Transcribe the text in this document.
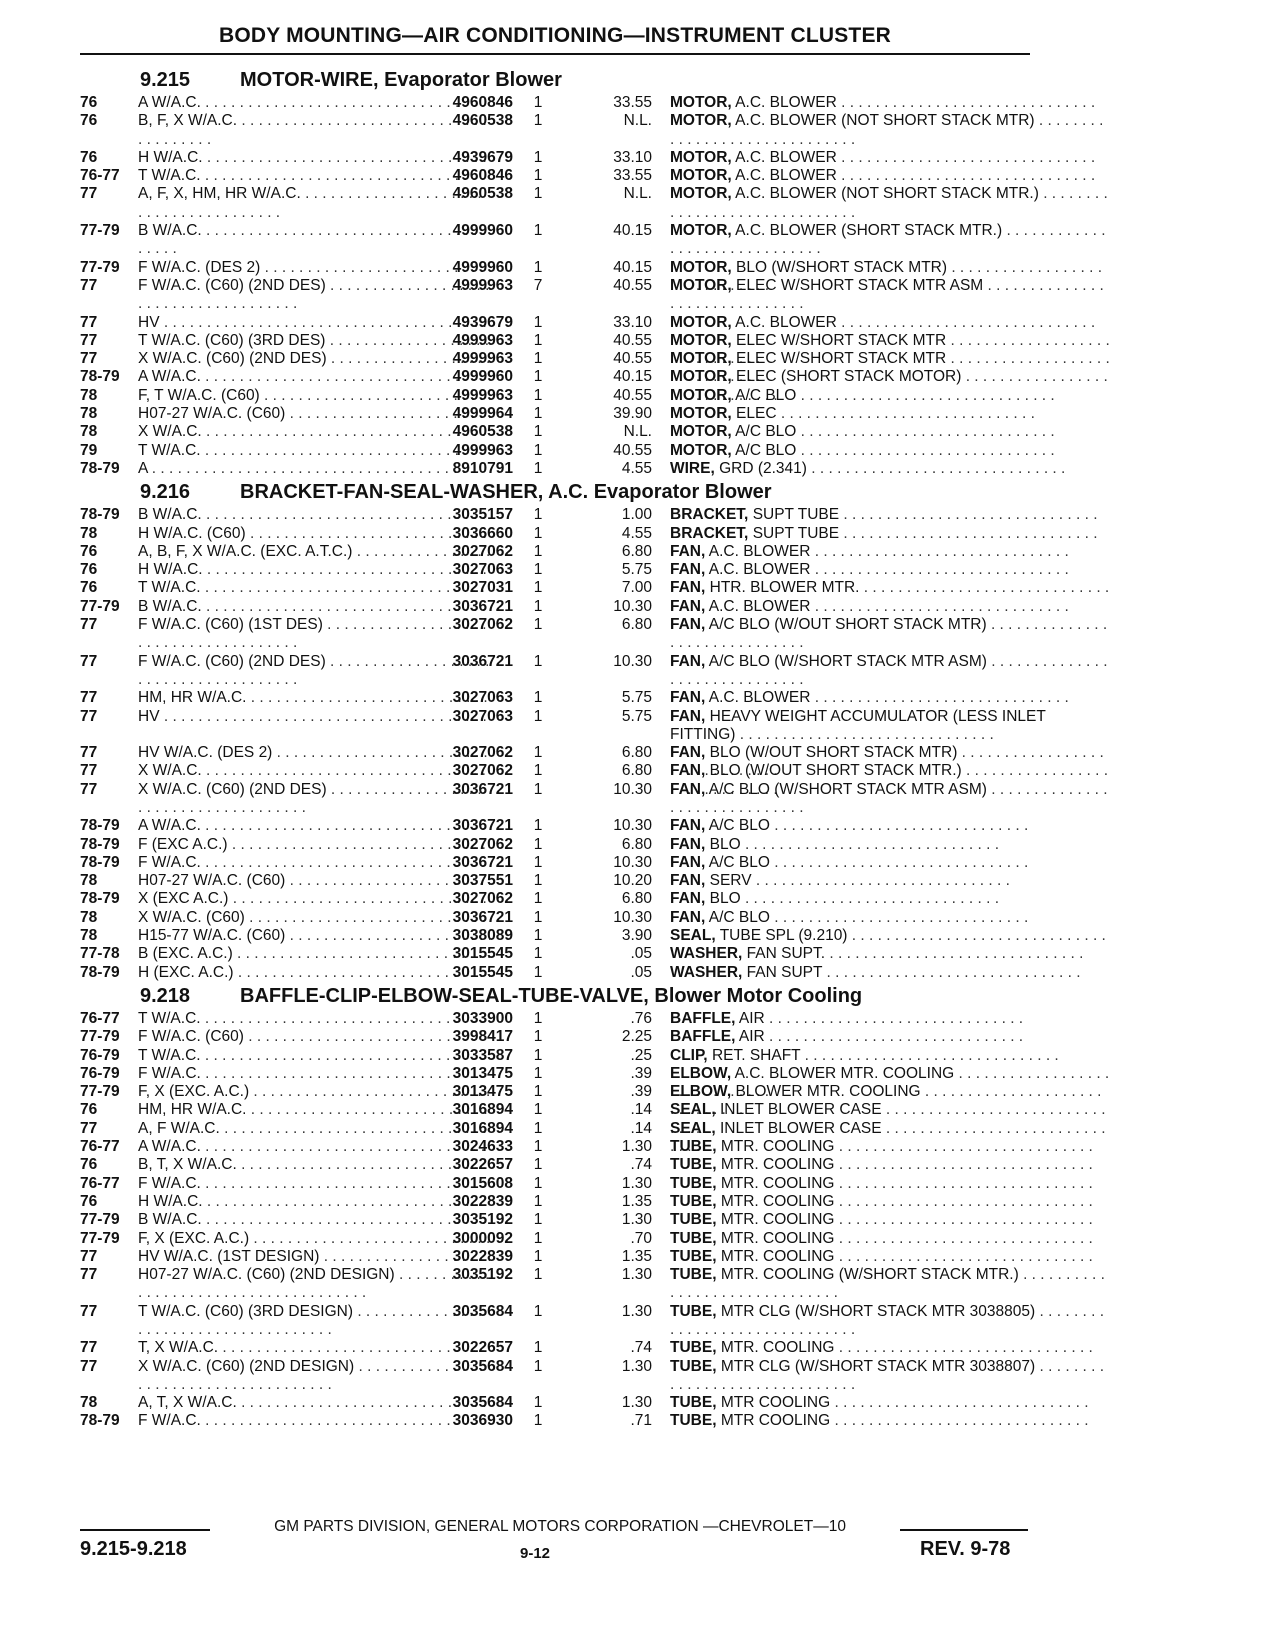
BODY MOUNTING—AIR CONDITIONING—INSTRUMENT CLUSTER
9.215 MOTOR-WIRE, Evaporator Blower
76	A W/A.C. . . .	4960846	1	33.55 MOTOR, A.C. BLOWER . . .
76	B, F, X W/A.C. . . .	4960538	1	N.L. MOTOR, A.C. BLOWER (NOT SHORT STACK MTR) . . .
76	H W/A.C. . . .	4939679	1	33.10 MOTOR, A.C. BLOWER . . .
76-77	T W/A.C. . . .	4960846	1	33.55 MOTOR, A.C. BLOWER . . .
77	A, F, X, HM, HR W/A.C. . . .	4960538	1	N.L. MOTOR, A.C. BLOWER (NOT SHORT STACK MTR.) . . .
77-79	B W/A.C. . . .	4999960	1	40.15 MOTOR, A.C. BLOWER (SHORT STACK MTR.) . . .
77-79	F W/A.C. (DES 2) . . .	4999960	1	40.15 MOTOR, BLO (W/SHORT STACK MTR) . . .
77	F W/A.C. (C60) (2ND DES) . . .	4999963	7	40.55 MOTOR, ELEC W/SHORT STACK MTR ASM . . .
77	HV . . .	4939679	1	33.10 MOTOR, A.C. BLOWER . . .
77	T W/A.C. (C60) (3RD DES) . . .	4999963	1	40.55 MOTOR, ELEC W/SHORT STACK MTR . . .
77	X W/A.C. (C60) (2ND DES) . . .	4999963	1	40.55 MOTOR, ELEC W/SHORT STACK MTR . . .
78-79	A W/A.C. . . .	4999960	1	40.15 MOTOR, ELEC (SHORT STACK MOTOR) . . .
78	F, T W/A.C. (C60) . . .	4999963	1	40.55 MOTOR, A/C BLO . . .
78	H07-27 W/A.C. (C60) . . .	4999964	1	39.90 MOTOR, ELEC . . .
78	X W/A.C. . . .	4960538	1	N.L. MOTOR, A/C BLO . . .
79	T W/A.C. . . .	4999963	1	40.55 MOTOR, A/C BLO . . .
78-79	A . . .	8910791	1	4.55 WIRE, GRD (2.341) . . .
9.216 BRACKET-FAN-SEAL-WASHER, A.C. Evaporator Blower
78-79	B W/A.C. . . .	3035157	1	1.00 BRACKET, SUPT TUBE . . .
78	H W/A.C. (C60) . . .	3036660	1	4.55 BRACKET, SUPT TUBE . . .
76	A, B, F, X W/A.C. (EXC. A.T.C.) . . .	3027062	1	6.80 FAN, A.C. BLOWER . . .
76	H W/A.C. . . .	3027063	1	5.75 FAN, A.C. BLOWER . . .
76	T W/A.C. . . .	3027031	1	7.00 FAN, HTR. BLOWER MTR. . . .
77-79	B W/A.C. . . .	3036721	1	10.30 FAN, A.C. BLOWER . . .
77	F W/A.C. (C60) (1ST DES) . . .	3027062	1	6.80 FAN, A/C BLO (W/OUT SHORT STACK MTR) . . .
77	F W/A.C. (C60) (2ND DES) . . .	3036721	1	10.30 FAN, A/C BLO (W/SHORT STACK MTR ASM) . . .
77	HM, HR W/A.C. . . .	3027063	1	5.75 FAN, A.C. BLOWER . . .
77	HV . . .	3027063	1	5.75 FAN, HEAVY WEIGHT ACCUMULATOR (LESS INLET FITTING) . . .
77	HV W/A.C. (DES 2) . . .	3027062	1	6.80 FAN, BLO (W/OUT SHORT STACK MTR) . . .
77	X W/A.C. . . .	3027062	1	6.80 FAN, BLO (W/OUT SHORT STACK MTR.) . . .
77	X W/A.C. (C60) (2ND DES) . . .	3036721	1	10.30 FAN, A/C BLO (W/SHORT STACK MTR ASM) . . .
78-79	A W/A.C. . . .	3036721	1	10.30 FAN, A/C BLO . . .
78-79	F (EXC A.C.) . . .	3027062	1	6.80 FAN, BLO . . .
78-79	F W/A.C. . . .	3036721	1	10.30 FAN, A/C BLO . . .
78	H07-27 W/A.C. (C60) . . .	3037551	1	10.20 FAN, SERV . . .
78-79	X (EXC A.C.) . . .	3027062	1	6.80 FAN, BLO . . .
78	X W/A.C. (C60) . . .	3036721	1	10.30 FAN, A/C BLO . . .
78	H15-77 W/A.C. (C60) . . .	3038089	1	3.90 SEAL, TUBE SPL (9.210) . . .
77-78	B (EXC. A.C.) . . .	3015545	1	.05 WASHER, FAN SUPT. . . .
78-79	H (EXC. A.C.) . . .	3015545	1	.05 WASHER, FAN SUPT . . .
9.218 BAFFLE-CLIP-ELBOW-SEAL-TUBE-VALVE, Blower Motor Cooling
76-77	T W/A.C. . . .	3033900	1	.76 BAFFLE, AIR . . .
77-79	F W/A.C. (C60) . . .	3998417	1	2.25 BAFFLE, AIR . . .
76-79	T W/A.C. . . .	3033587	1	.25 CLIP, RET. SHAFT . . .
76-79	F W/A.C. . . .	3013475	1	.39 ELBOW, A.C. BLOWER MTR. COOLING . . .
77-79	F, X (EXC. A.C.) . . .	3013475	1	.39 ELBOW, BLOWER MTR. COOLING . . .
76	HM, HR W/A.C. . . .	3016894	1	.14 SEAL, INLET BLOWER CASE . . .
77	A, F W/A.C. . . .	3016894	1	.14 SEAL, INLET BLOWER CASE . . .
76-77	A W/A.C. . . .	3024633	1	1.30 TUBE, MTR. COOLING . . .
76	B, T, X W/A.C. . . .	3022657	1	.74 TUBE, MTR. COOLING . . .
76-77	F W/A.C. . . .	3015608	1	1.30 TUBE, MTR. COOLING . . .
76	H W/A.C. . . .	3022839	1	1.35 TUBE, MTR. COOLING . . .
77-79	B W/A.C. . . .	3035192	1	1.30 TUBE, MTR. COOLING . . .
77-79	F, X (EXC. A.C.) . . .	3000092	1	.70 TUBE, MTR. COOLING . . .
77	HV W/A.C. (1ST DESIGN) . . .	3022839	1	1.35 TUBE, MTR. COOLING . . .
77	H07-27 W/A.C. (C60) (2ND DESIGN) . . .	3035192	1	1.30 TUBE, MTR. COOLING (W/SHORT STACK MTR.) . . .
77	T W/A.C. (C60) (3RD DESIGN) . . .	3035684	1	1.30 TUBE, MTR CLG (W/SHORT STACK MTR 3038805) . . .
77	T, X W/A.C. . . .	3022657	1	.74 TUBE, MTR. COOLING . . .
77	X W/A.C. (C60) (2ND DESIGN) . . .	3035684	1	1.30 TUBE, MTR CLG (W/SHORT STACK MTR 3038807) . . .
78	A, T, X W/A.C. . . .	3035684	1	1.30 TUBE, MTR COOLING . . .
78-79	F W/A.C. . . .	3036930	1	.71 TUBE, MTR COOLING . . .
GM PARTS DIVISION, GENERAL MOTORS CORPORATION —CHEVROLET—10
9.215-9.218	9-12	REV. 9-78
